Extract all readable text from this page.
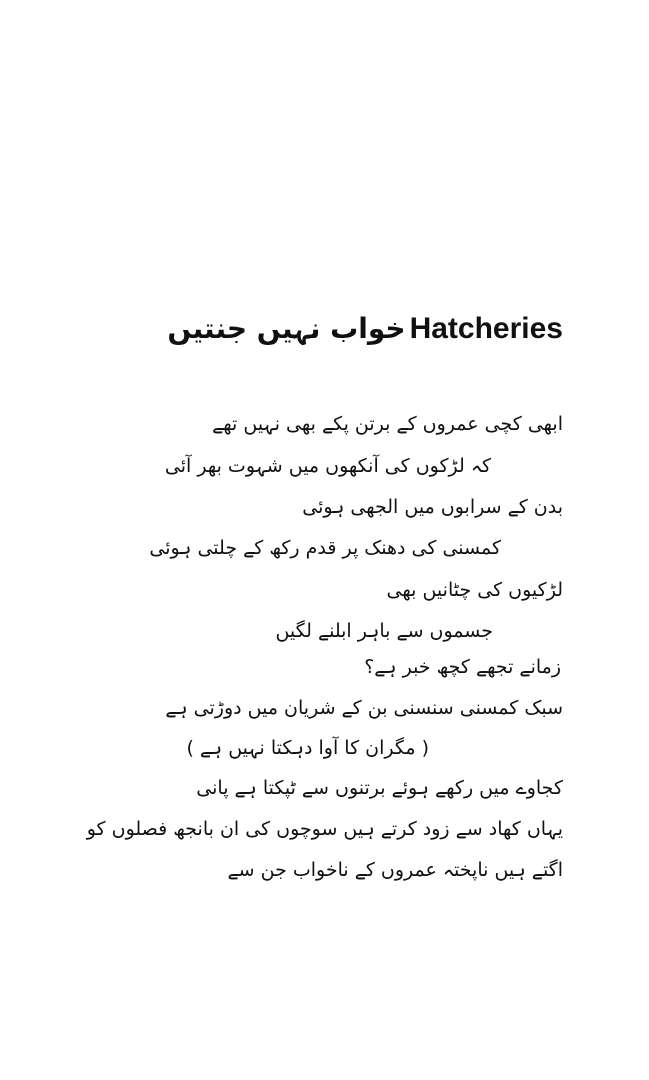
Hatcheries
خواب نہیں جنتیں
ابھی کچی عمروں کے برتن پکے بھی نہیں تھے
کہ لڑکوں کی آنکھوں میں شہوت بھر آئی
بدن کے سرابوں میں الجھی ہوئی
کمسنی کی دھنک پر قدم رکھ کے چلتی ہوئی
لڑکیوں کی چٹانیں بھی
جسموں سے باہر ابلنے لگیں
زمانے تجھے کچھ خبر ہے؟
سبک کمسنی سنسنی بن کے شریان میں دوڑتی ہے
( مگران کا آوا دہکتا نہیں ہے )
کجاوے میں رکھے ہوئے برتنوں سے ٹپکتا ہے پانی
یہاں کھاد سے زود کرتے ہیں سوچوں کی ان بانجھ فصلوں کو
اگتے ہیں ناپختہ عمروں کے ناخواب جن سے
